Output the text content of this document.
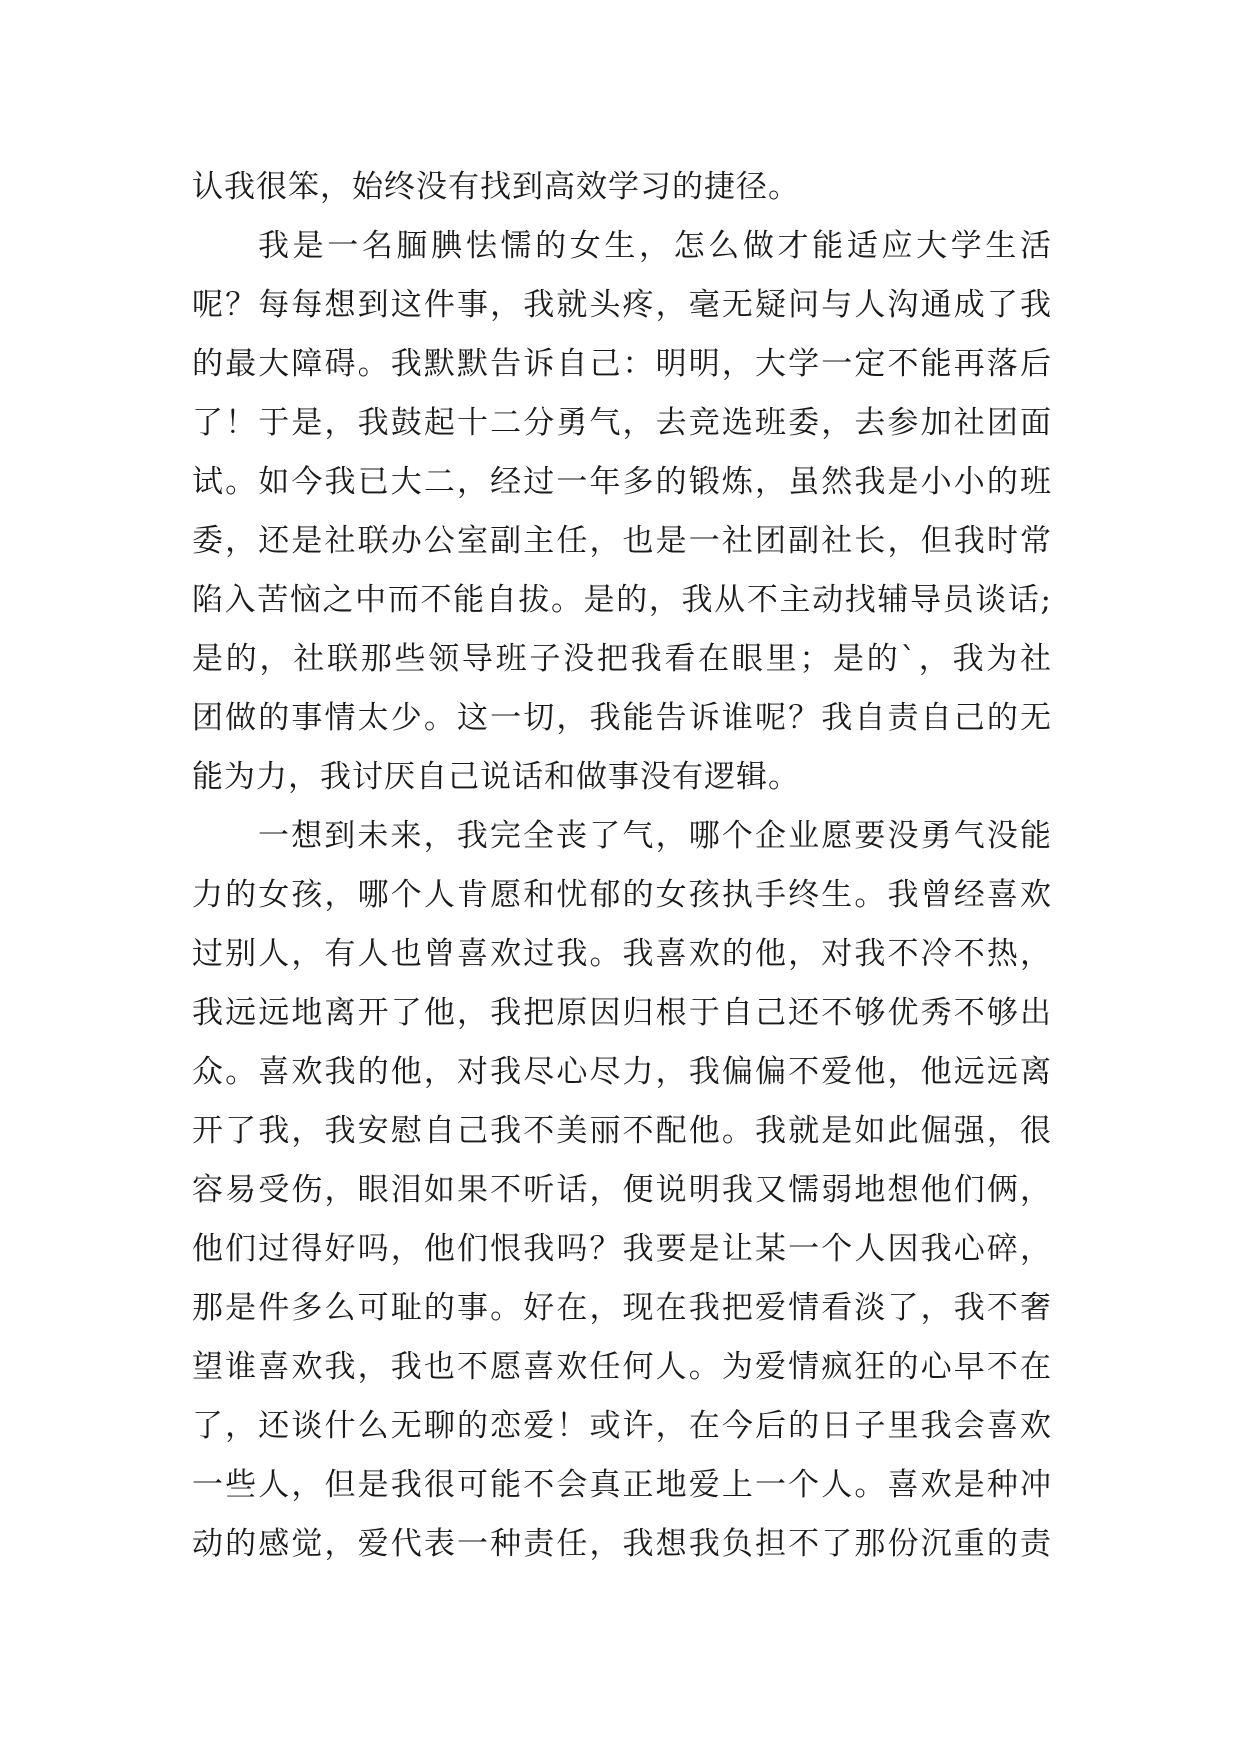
认我很笨，始终没有找到高效学习的捷径。
我是一名腼腆怯懦的女生，怎么做才能适应大学生活
呢？每每想到这件事，我就头疼，毫无疑问与人沟通成了我
的最大障碍。我默默告诉自己：明明，大学一定不能再落后
了！于是，我鼓起十二分勇气，去竞选班委，去参加社团面
试。如今我已大二，经过一年多的锻炼，虽然我是小小的班
委，还是社联办公室副主任，也是一社团副社长，但我时常
陷入苦恼之中而不能自拔。是的，我从不主动找辅导员谈话;
是的，社联那些领导班子没把我看在眼里；是的`，我为社
团做的事情太少。这一切，我能告诉谁呢？我自责自己的无
能为力，我讨厌自己说话和做事没有逻辑。
一想到未来，我完全丧了气，哪个企业愿要没勇气没能
力的女孩，哪个人肯愿和忧郁的女孩执手终生。我曾经喜欢
过别人，有人也曾喜欢过我。我喜欢的他，对我不冷不热，
我远远地离开了他，我把原因归根于自己还不够优秀不够出
众。喜欢我的他，对我尽心尽力，我偏偏不爱他，他远远离
开了我，我安慰自己我不美丽不配他。我就是如此倔强，很
容易受伤，眼泪如果不听话，便说明我又懦弱地想他们俩，
他们过得好吗，他们恨我吗？我要是让某一个人因我心碎，
那是件多么可耻的事。好在，现在我把爱情看淡了，我不奢
望谁喜欢我，我也不愿喜欢任何人。为爱情疯狂的心早不在
了，还谈什么无聊的恋爱！或许，在今后的日子里我会喜欢
一些人，但是我很可能不会真正地爱上一个人。喜欢是种冲
动的感觉，爱代表一种责任，我想我负担不了那份沉重的责
